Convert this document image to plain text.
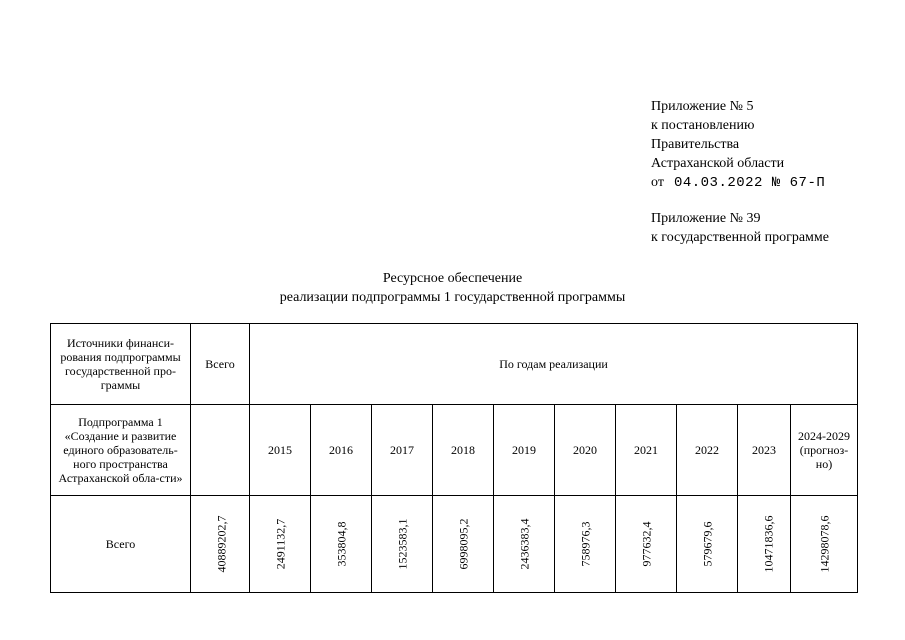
Приложение № 5
к постановлению
Правительства
Астраханской области
от 04.03.2022 № 67-П
Приложение № 39
к государственной программе
Ресурсное обеспечение
реализации подпрограммы 1 государственной программы
Источники финанси-рования подпрограммы государственной про-граммы	Всего	По годам реализации									
Подпрограмма 1 «Создание и развитие единого образователь-ного пространства Астраханской обла-сти»		2015	2016	2017	2018	2019	2020	2021	2022	2023	2024-2029 (прогноз-но)
Всего	40889202,7	2491132,7	353804,8	1523583,1	6998095,2	2436383,4	758976,3	977632,4	579679,6	10471836,6	14298078,6
